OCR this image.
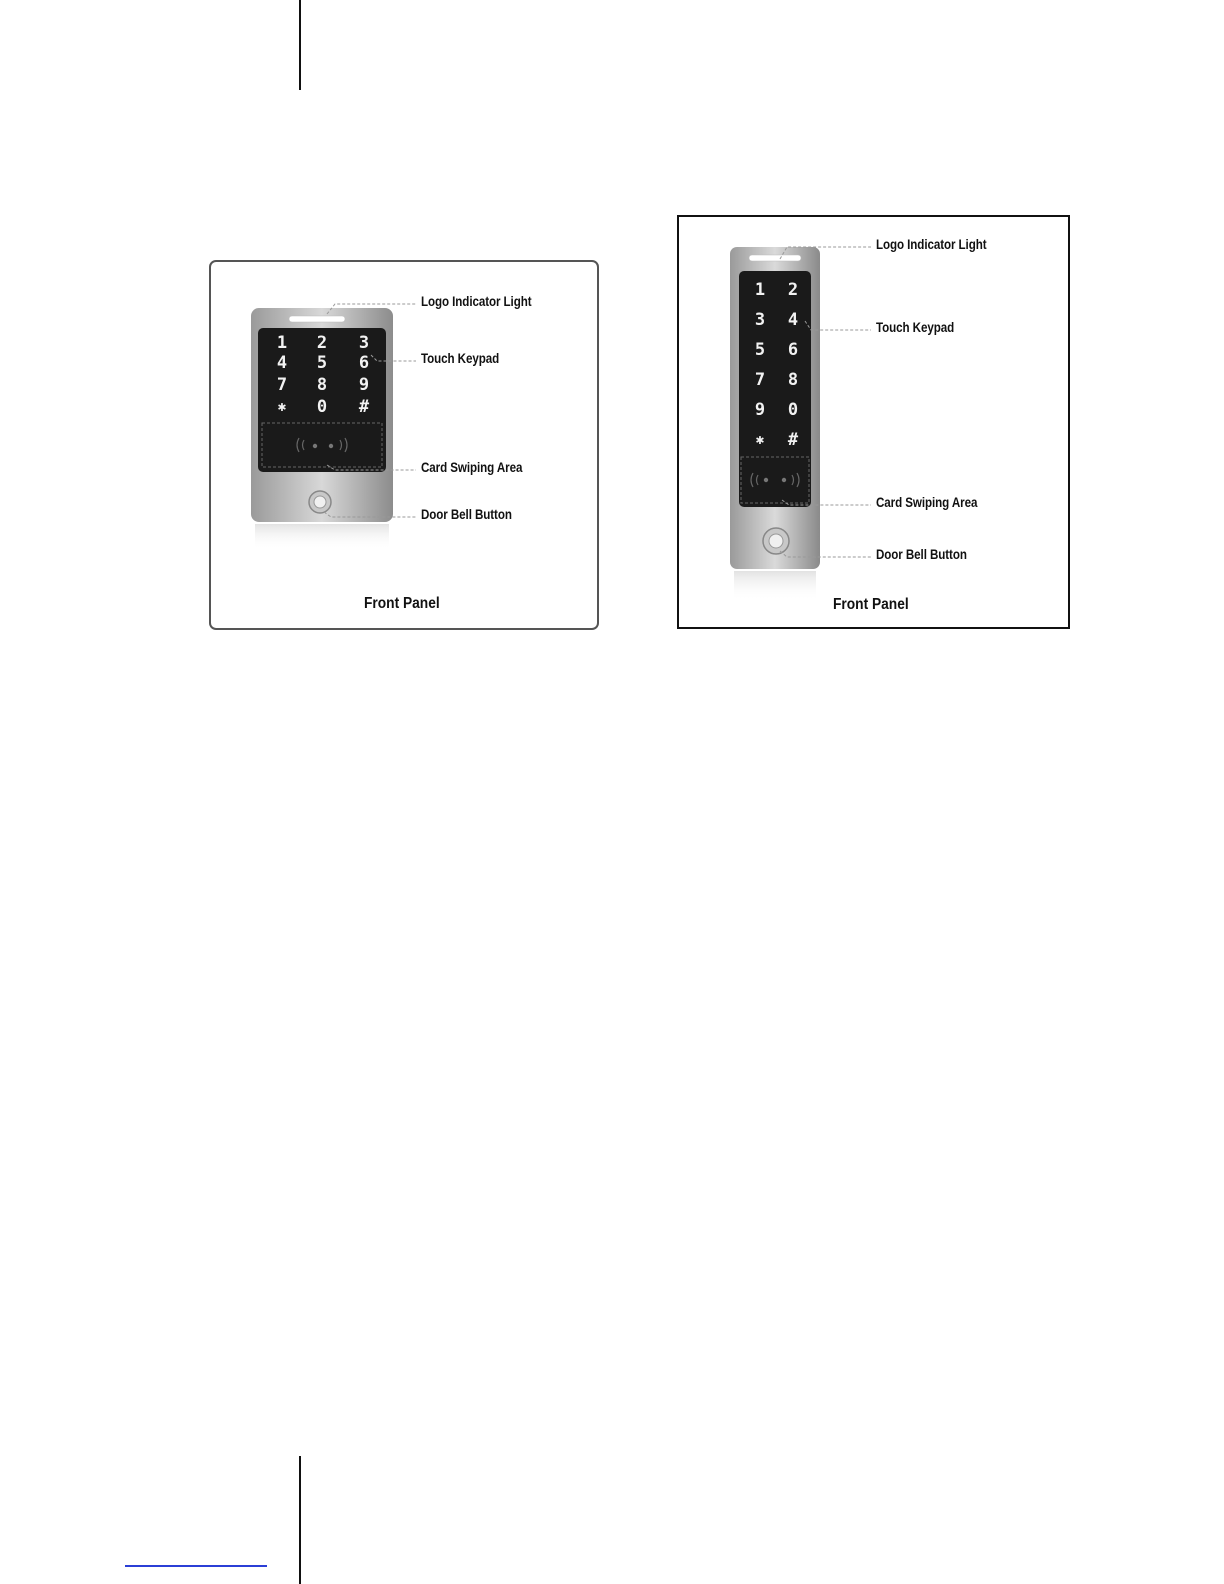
1	2	3
4	5	6
7	8	9
✱	0	#
Logo Indicator Light
Touch Keypad
Card Swiping Area
Door Bell Button
Front Panel
1	2
3	4
5	6
7	8
9	0
✱	#
Logo Indicator Light
Touch Keypad
Card Swiping Area
Door Bell Button
Front Panel
